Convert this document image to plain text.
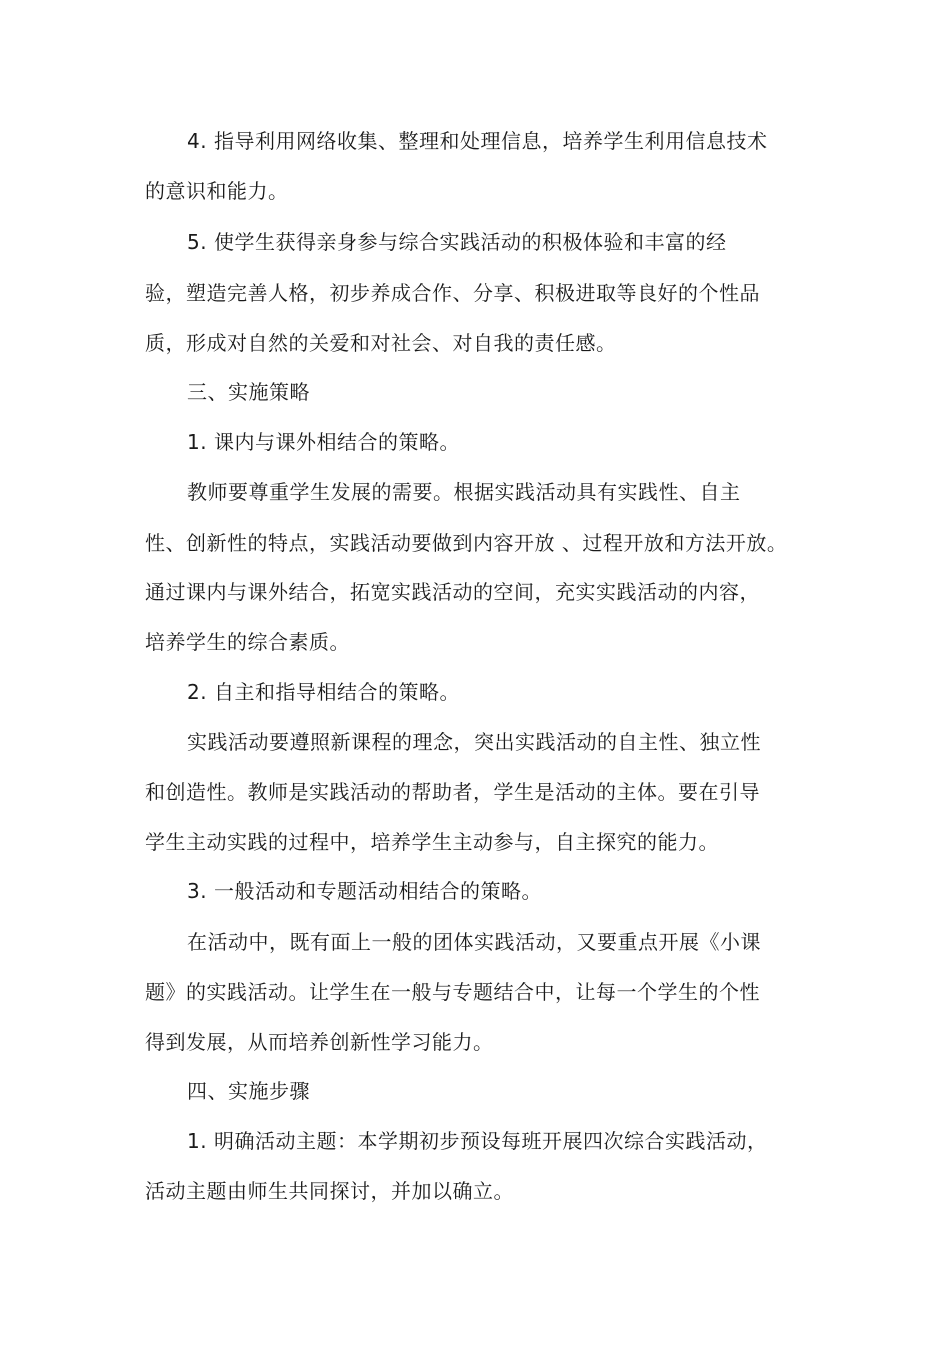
4. 指导利用网络收集、整理和处理信息，培养学生利用信息技术
的意识和能力。
5. 使学生获得亲身参与综合实践活动的积极体验和丰富的经
验，塑造完善人格，初步养成合作、分享、积极进取等良好的个性品
质，形成对自然的关爱和对社会、对自我的责任感。
三、实施策略
1. 课内与课外相结合的策略。
教师要尊重学生发展的需要。根据实践活动具有实践性、自主
性、创新性的特点，实践活动要做到内容开放 、过程开放和方法开放。
通过课内与课外结合，拓宽实践活动的空间，充实实践活动的内容，
培养学生的综合素质。
2. 自主和指导相结合的策略。
实践活动要遵照新课程的理念，突出实践活动的自主性、独立性
和创造性。教师是实践活动的帮助者，学生是活动的主体。要在引导
学生主动实践的过程中，培养学生主动参与，自主探究的能力。
3. 一般活动和专题活动相结合的策略。
在活动中，既有面上一般的团体实践活动，又要重点开展《小课
题》的实践活动。让学生在一般与专题结合中，让每一个学生的个性
得到发展，从而培养创新性学习能力。
四、实施步骤
1. 明确活动主题：本学期初步预设每班开展四次综合实践活动，
活动主题由师生共同探讨，并加以确立。
